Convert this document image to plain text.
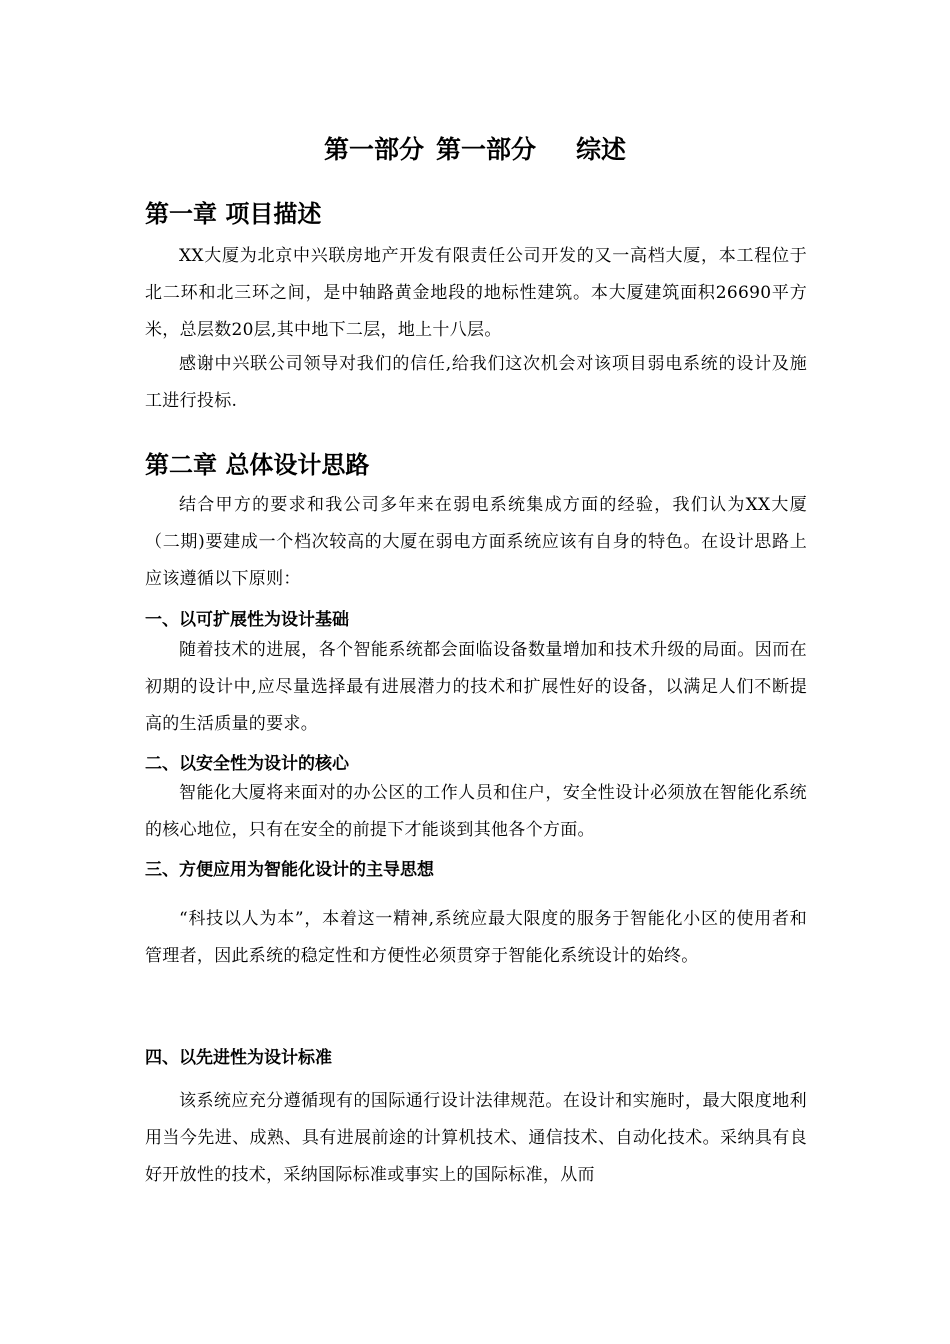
第一部分 第一部分 综述
第一章 项目描述

XX大厦为北京中兴联房地产开发有限责任公司开发的又一高档大厦，本工程位于北二环和北三环之间，是中轴路黄金地段的地标性建筑。本大厦建筑面积26690平方米，总层数20层,其中地下二层，地上十八层。

感谢中兴联公司领导对我们的信任,给我们这次机会对该项目弱电系统的设计及施工进行投标.

第二章 总体设计思路

结合甲方的要求和我公司多年来在弱电系统集成方面的经验，我们认为XX大厦（二期)要建成一个档次较高的大厦在弱电方面系统应该有自身的特色。在设计思路上应该遵循以下原则：

一、以可扩展性为设计基础

随着技术的进展，各个智能系统都会面临设备数量增加和技术升级的局面。因而在初期的设计中,应尽量选择最有进展潜力的技术和扩展性好的设备，以满足人们不断提高的生活质量的要求。

二、以安全性为设计的核心

智能化大厦将来面对的办公区的工作人员和住户，安全性设计必须放在智能化系统的核心地位，只有在安全的前提下才能谈到其他各个方面。

三、方便应用为智能化设计的主导思想

“科技以人为本”，本着这一精神,系统应最大限度的服务于智能化小区的使用者和管理者，因此系统的稳定性和方便性必须贯穿于智能化系统设计的始终。

四、以先进性为设计标准

该系统应充分遵循现有的国际通行设计法律规范。在设计和实施时，最大限度地利用当今先进、成熟、具有进展前途的计算机技术、通信技术、自动化技术。采纳具有良好开放性的技术，采纳国际标准或事实上的国际标准，从而
